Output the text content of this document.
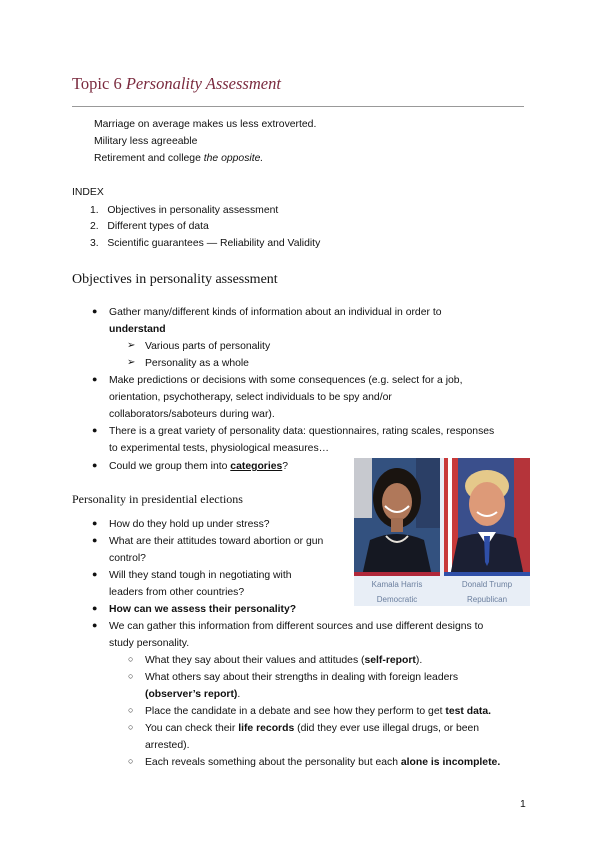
Topic 6 Personality Assessment
Marriage on average makes us less extroverted.
Military less agreeable
Retirement and college the opposite.
INDEX
1. Objectives in personality assessment
2. Different types of data
3. Scientific guarantees — Reliability and Validity
Objectives in personality assessment
● Gather many/different kinds of information about an individual in order to
understand
➢ Various parts of personality
➢ Personality as a whole
● Make predictions or decisions with some consequences (e.g. select for a job,
orientation, psychotherapy, select individuals to be spy and/or
collaborators/saboteurs during war).
● There is a great variety of personality data: questionnaires, rating scales, responses
to experimental tests, physiological measures…
● Could we group them into categories?
Personality in presidential elections
● How do they hold up under stress?
● What are their attitudes toward abortion or gun
control?
● Will they stand tough in negotiating with
leaders from other countries?
● How can we assess their personality?
● We can gather this information from different sources and use different designs to
study personality.
○ What they say about their values and attitudes (self-report).
○ What others say about their strengths in dealing with foreign leaders
(observer’s report).
○ Place the candidate in a debate and see how they perform to get test data.
○ You can check their life records (did they ever use illegal drugs, or been
arrested).
○ Each reveals something about the personality but each alone is incomplete.
Kamala Harris
Democratic
Donald Trump
Republican
1
